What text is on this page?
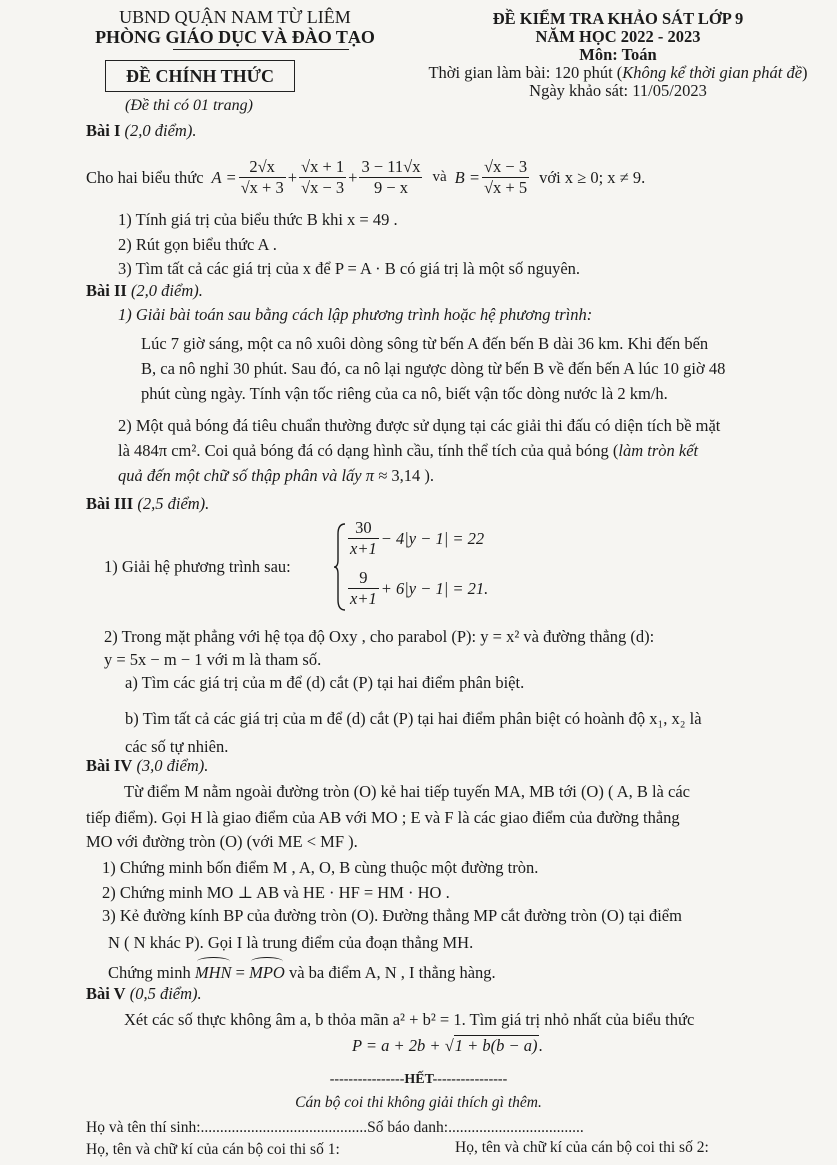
UBND QUẬN NAM TỪ LIÊM
PHÒNG GIÁO DỤC VÀ ĐÀO TẠO
ĐỀ CHÍNH THỨC
(Đề thi có 01 trang)
ĐỀ KIỂM TRA KHẢO SÁT LỚP 9
NĂM HỌC 2022 - 2023
Môn: Toán
Thời gian làm bài: 120 phút (Không kể thời gian phát đề)
Ngày khảo sát: 11/05/2023
Bài I (2,0 điểm).
Cho hai biểu thức $A = \frac{2√x}{√x + 3} + \frac{√x + 1}{√x - 3} + \frac{3 - 11√x}{9 - x}$ và $B = \frac{√x - 3}{√x + 5}$ với x ≥ 0; x ≠ 9.
1) Tính giá trị của biểu thức B khi x = 49 .
2) Rút gọn biểu thức A .
3) Tìm tất cả các giá trị của x để P = A · B có giá trị là một số nguyên.
Bài II (2,0 điểm).
1) Giải bài toán sau bằng cách lập phương trình hoặc hệ phương trình:
Lúc 7 giờ sáng, một ca nô xuôi dòng sông từ bến A đến bến B dài 36 km. Khi đến bến
B, ca nô nghỉ 30 phút. Sau đó, ca nô lại ngược dòng từ bến B về đến bến A lúc 10 giờ 48
phút cùng ngày. Tính vận tốc riêng của ca nô, biết vận tốc dòng nước là 2 km/h.
2) Một quả bóng đá tiêu chuẩn thường được sử dụng tại các giải thi đấu có diện tích bề mặt
là 484π cm². Coi quả bóng đá có dạng hình cầu, tính thể tích của quả bóng (làm tròn kết
quả đến một chữ số thập phân và lấy π ≈ 3,14 ).
Bài III (2,5 điểm).
1) Giải hệ phương trình sau:
$\frac{30}{x+1} - 4|y - 1| = 22$
$\frac{9}{x+1} + 6|y - 1| = 21$.
2) Trong mặt phẳng với hệ tọa độ Oxy , cho parabol (P): y = x² và đường thẳng (d):
y = 5x − m − 1 với m là tham số.
a) Tìm các giá trị của m để (d) cắt (P) tại hai điểm phân biệt.
b) Tìm tất cả các giá trị của m để (d) cắt (P) tại hai điểm phân biệt có hoành độ x₁, x₂ là
các số tự nhiên.
Bài IV (3,0 điểm).
Từ điểm M nằm ngoài đường tròn (O) kẻ hai tiếp tuyến MA, MB tới (O) ( A, B là các
tiếp điểm). Gọi H là giao điểm của AB với MO ; E và F là các giao điểm của đường thẳng
MO với đường tròn (O) (với ME < MF ).
1) Chứng minh bốn điểm M , A, O, B cùng thuộc một đường tròn.
2) Chứng minh MO ⊥ AB và HE · HF = HM · HO .
3) Kẻ đường kính BP của đường tròn (O). Đường thẳng MP cắt đường tròn (O) tại điểm
N ( N khác P). Gọi I là trung điểm của đoạn thẳng MH.
Chứng minh MHN = MPO và ba điểm A, N , I thẳng hàng.
Bài V (0,5 điểm).
Xét các số thực không âm a, b thỏa mãn a² + b² = 1. Tìm giá trị nhỏ nhất của biểu thức
P = a + 2b + √1 + b(b − a).
----------------HẾT----------------
Cán bộ coi thi không giải thích gì thêm.
Họ và tên thí sinh:...........................................Số báo danh:...................................
Họ, tên và chữ kí của cán bộ coi thi số 1:	Họ, tên và chữ kí của cán bộ coi thi số 2:
